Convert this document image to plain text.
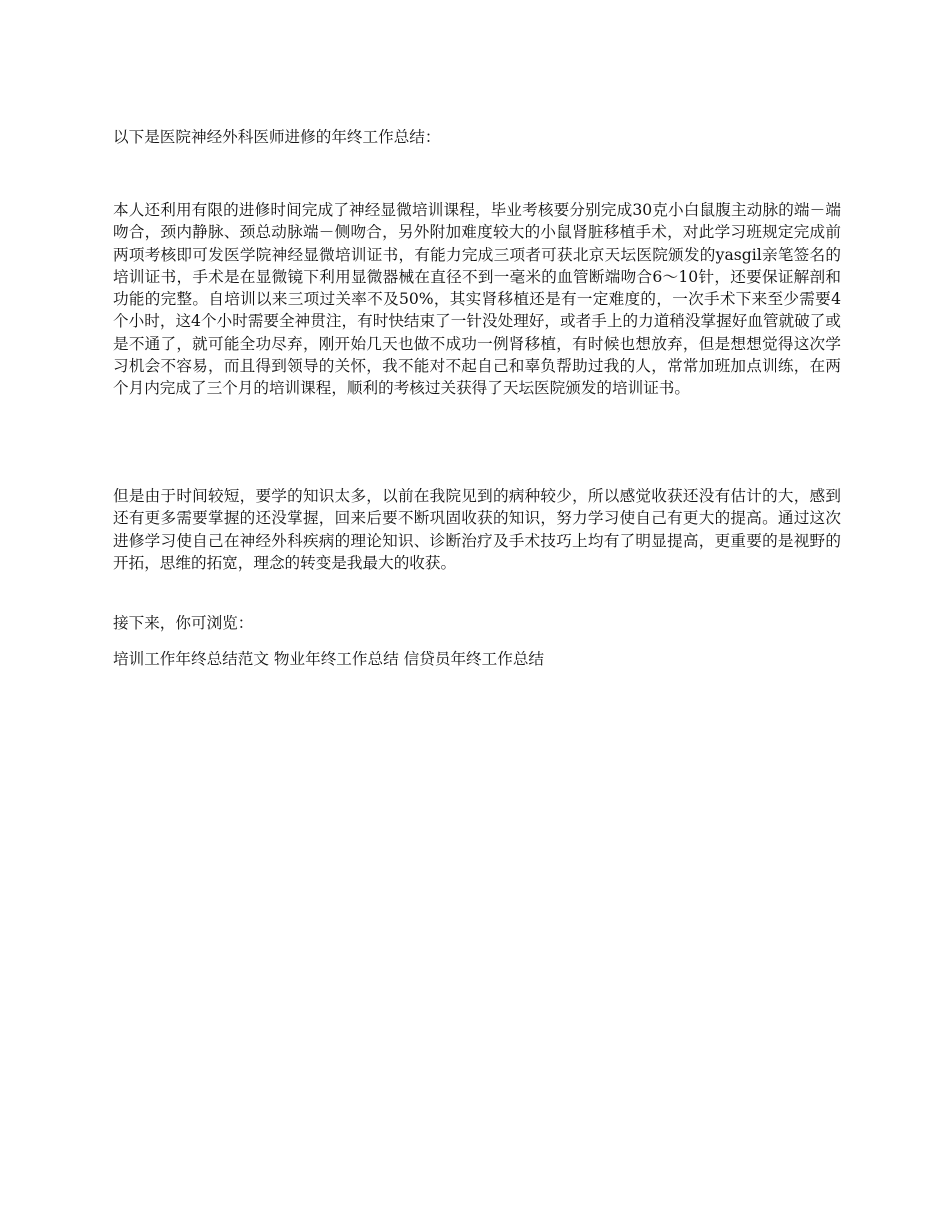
以下是医院神经外科医师进修的年终工作总结：

本人还利用有限的进修时间完成了神经显微培训课程，毕业考核要分别完成30克小白鼠腹主动脉的端－端吻合，颈内静脉、颈总动脉端－侧吻合，另外附加难度较大的小鼠肾脏移植手术，对此学习班规定完成前两项考核即可发医学院神经显微培训证书，有能力完成三项者可获北京天坛医院颁发的yasgil亲笔签名的培训证书，手术是在显微镜下利用显微器械在直径不到一毫米的血管断端吻合6～10针，还要保证解剖和功能的完整。自培训以来三项过关率不及50%，其实肾移植还是有一定难度的，一次手术下来至少需要4个小时，这4个小时需要全神贯注，有时快结束了一针没处理好，或者手上的力道稍没掌握好血管就破了或是不通了，就可能全功尽弃，刚开始几天也做不成功一例肾移植，有时候也想放弃，但是想想觉得这次学习机会不容易，而且得到领导的关怀，我不能对不起自己和辜负帮助过我的人，常常加班加点训练，在两个月内完成了三个月的培训课程，顺利的考核过关获得了天坛医院颁发的培训证书。

但是由于时间较短，要学的知识太多，以前在我院见到的病种较少，所以感觉收获还没有估计的大，感到还有更多需要掌握的还没掌握，回来后要不断巩固收获的知识，努力学习使自己有更大的提高。通过这次进修学习使自己在神经外科疾病的理论知识、诊断治疗及手术技巧上均有了明显提高，更重要的是视野的开拓，思维的拓宽，理念的转变是我最大的收获。

接下来，你可浏览：

培训工作年终总结范文 物业年终工作总结 信贷员年终工作总结
